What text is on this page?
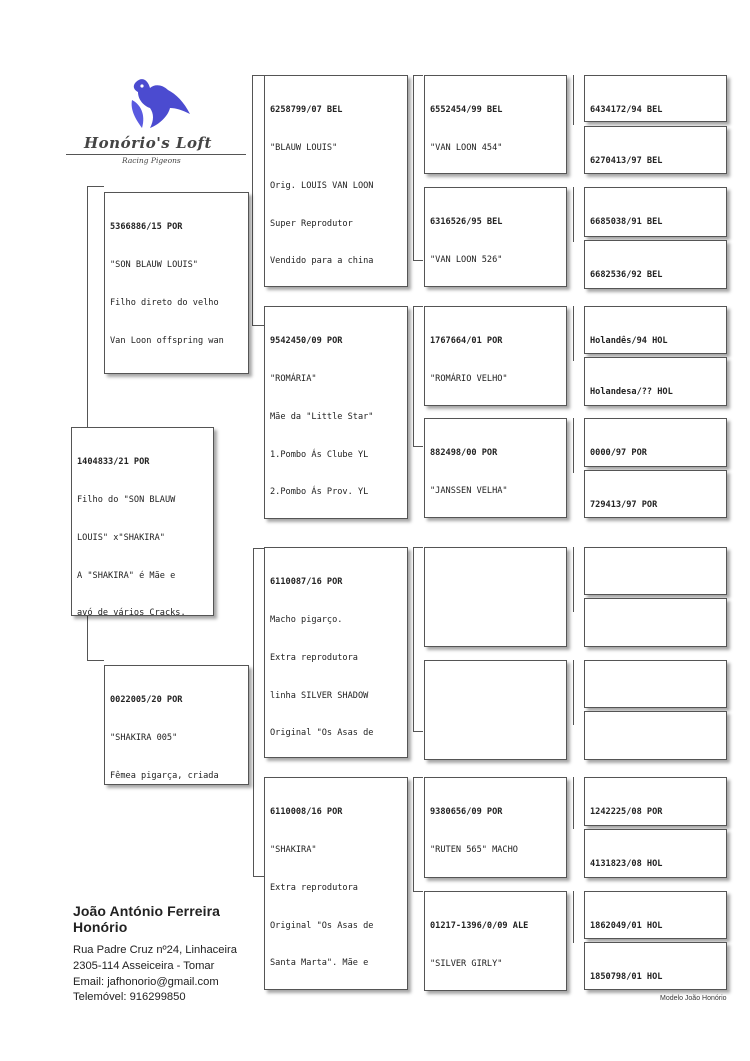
Honório's Loft
Racing Pigeons

1404833/21 POR

Filho do "SON BLAUW

LOUIS" x"SHAKIRA"

A "SHAKIRA" é Mãe e

avó de vários Cracks.

5366886/15 POR

"SON BLAUW LOUIS"

Filho direto do velho

Van Loon offspring wan

0022005/20 POR

"SHAKIRA 005"

Fêmea pigarça, criada

6258799/07 BEL

"BLAUW LOUIS"

Orig. LOUIS VAN LOON

Super Reprodutor

Vendido para a china

9542450/09 POR

"ROMÁRIA"

Mãe da "Little Star"

1.Pombo Ás Clube YL

2.Pombo Ás Prov. YL

6110087/16 POR

Macho pigarço.

Extra reprodutora

linha SILVER SHADOW

Original "Os Asas de

6110008/16 POR

"SHAKIRA"

Extra reprodutora

Original "Os Asas de

Santa Marta". Mãe e

6552454/99 BEL

"VAN LOON 454"

6316526/95 BEL

"VAN LOON 526"

1767664/01 POR

"ROMÁRIO VELHO"

882498/00 POR

"JANSSEN VELHA"

9380656/09 POR

"RUTEN 565" MACHO

01217-1396/0/09 ALE

"SILVER GIRLY"

6434172/94 BEL

6270413/97 BEL

6685038/91 BEL

6682536/92 BEL

Holandês/94 HOL

Holandesa/?? HOL

0000/97 POR

729413/97 POR

1242225/08 POR

4131823/08 HOL

1862049/01 HOL

1850798/01 HOL

João António Ferreira Honório
Rua Padre Cruz nº24, Linhaceira
2305-114 Asseiceira - Tomar
Email: jafhonorio@gmail.com
Telemóvel: 916299850	Modelo João Honório
